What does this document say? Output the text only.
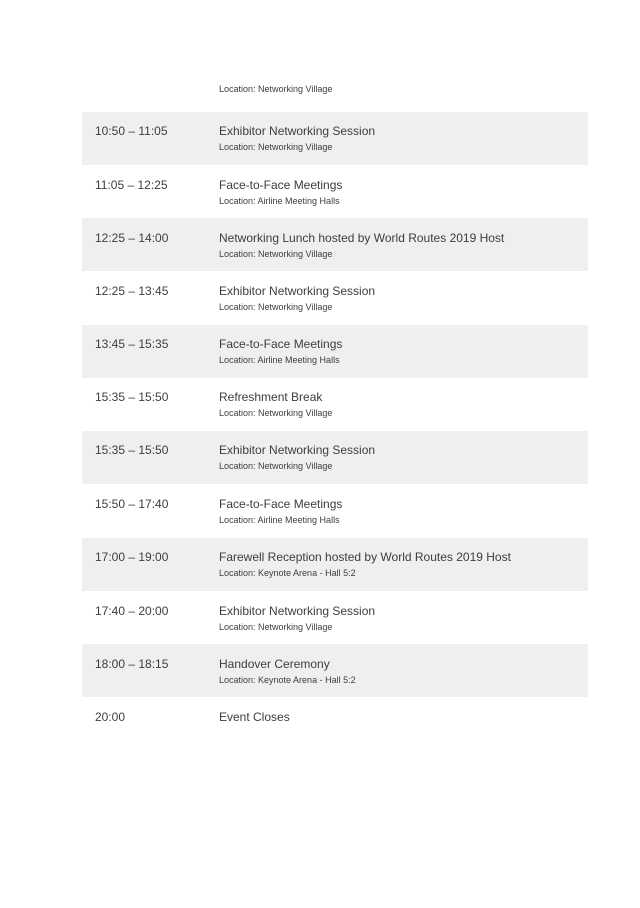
Location: Networking Village
10:50 – 11:05	Exhibitor Networking Session
Location: Networking Village
11:05 – 12:25	Face-to-Face Meetings
Location: Airline Meeting Halls
12:25 – 14:00	Networking Lunch hosted by World Routes 2019 Host
Location: Networking Village
12:25 – 13:45	Exhibitor Networking Session
Location: Networking Village
13:45 – 15:35	Face-to-Face Meetings
Location: Airline Meeting Halls
15:35 – 15:50	Refreshment Break
Location: Networking Village
15:35 – 15:50	Exhibitor Networking Session
Location: Networking Village
15:50 – 17:40	Face-to-Face Meetings
Location: Airline Meeting Halls
17:00 – 19:00	Farewell Reception hosted by World Routes 2019 Host
Location: Keynote Arena - Hall 5:2
17:40 – 20:00	Exhibitor Networking Session
Location: Networking Village
18:00 – 18:15	Handover Ceremony
Location: Keynote Arena - Hall 5:2
20:00	Event Closes
